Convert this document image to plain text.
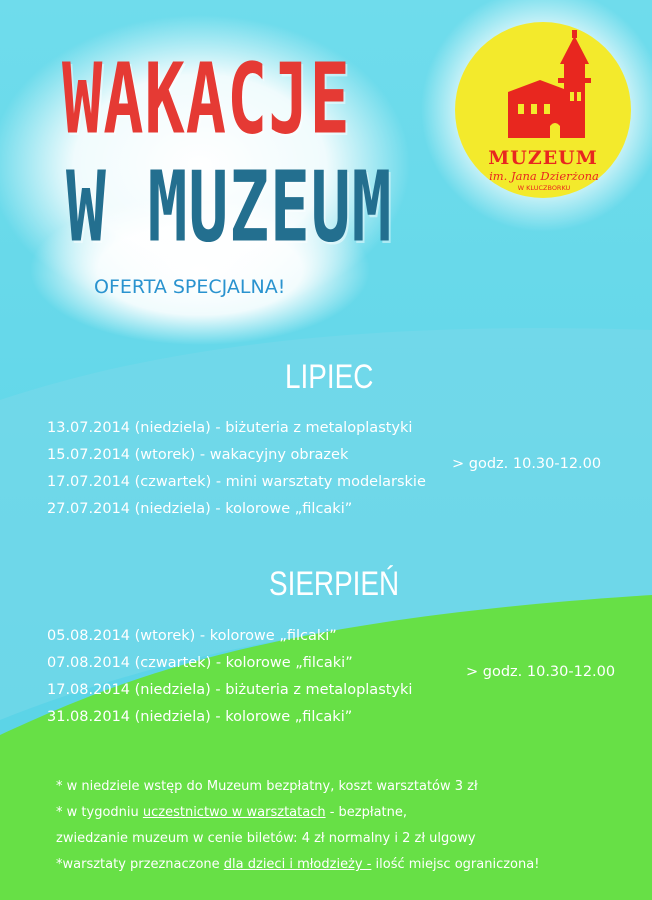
WAKACJE
W MUZEUM
OFERTA SPECJALNA!
MUZEUM
im. Jana Dzierżona
W KLUCZBORKU
LIPIEC
13.07.2014 (niedziela) - biżuteria z metaloplastyki
15.07.2014 (wtorek) - wakacyjny obrazek
17.07.2014 (czwartek) - mini warsztaty modelarskie
27.07.2014 (niedziela) - kolorowe „filcaki”
> godz. 10.30-12.00
SIERPIEŃ
05.08.2014 (wtorek) - kolorowe „filcaki”
07.08.2014 (czwartek) - kolorowe „filcaki”
17.08.2014 (niedziela) - biżuteria z metaloplastyki
31.08.2014 (niedziela) - kolorowe „filcaki”
> godz. 10.30-12.00
* w niedziele wstęp do Muzeum bezpłatny, koszt warsztatów 3 zł
* w tygodniu uczestnictwo w warsztatach - bezpłatne,
zwiedzanie muzeum w cenie biletów: 4 zł normalny i 2 zł ulgowy
*warsztaty przeznaczone dla dzieci i młodzieży - ilość miejsc ograniczona!
